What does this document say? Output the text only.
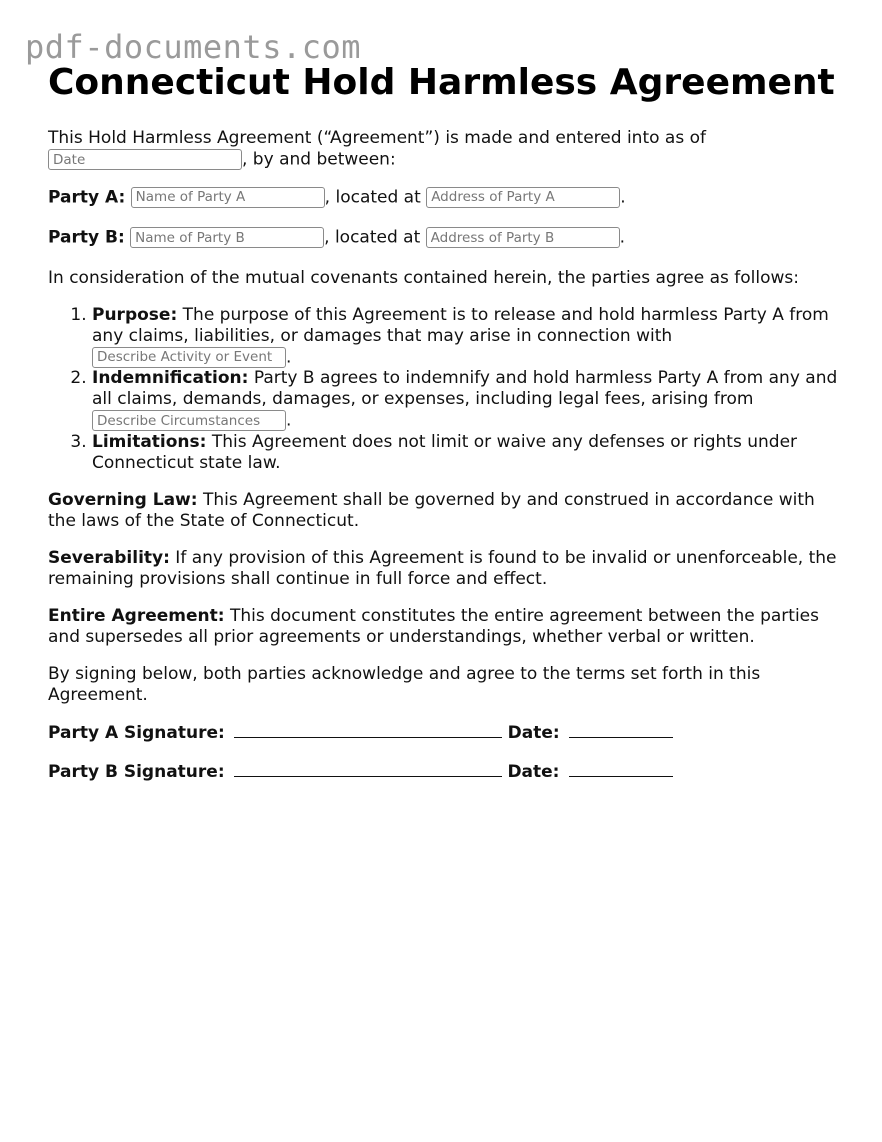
pdf-documents.com
Connecticut Hold Harmless Agreement

This Hold Harmless Agreement (“Agreement”) is made and entered into as of
Date, by and between:

Party A: Name of Party A	, located at Address of Party A	.

Party B: Name of Party B	, located at Address of Party B	.

In consideration of the mutual covenants contained herein, the parties agree as follows:

1. Purpose: The purpose of this Agreement is to release and hold harmless Party A from any claims, liabilities, or damages that may arise in connection with Describe Activity or Event.
2. Indemnification: Party B agrees to indemnify and hold harmless Party A from any and all claims, demands, damages, or expenses, including legal fees, arising from Describe Circumstances.
3. Limitations: This Agreement does not limit or waive any defenses or rights under Connecticut state law.

Governing Law: This Agreement shall be governed by and construed in accordance with the laws of the State of Connecticut.

Severability: If any provision of this Agreement is found to be invalid or unenforceable, the remaining provisions shall continue in full force and effect.

Entire Agreement: This document constitutes the entire agreement between the parties and supersedes all prior agreements or understandings, whether verbal or written.

By signing below, both parties acknowledge and agree to the terms set forth in this Agreement.

Party A Signature:	Date:
Party B Signature:	Date:
